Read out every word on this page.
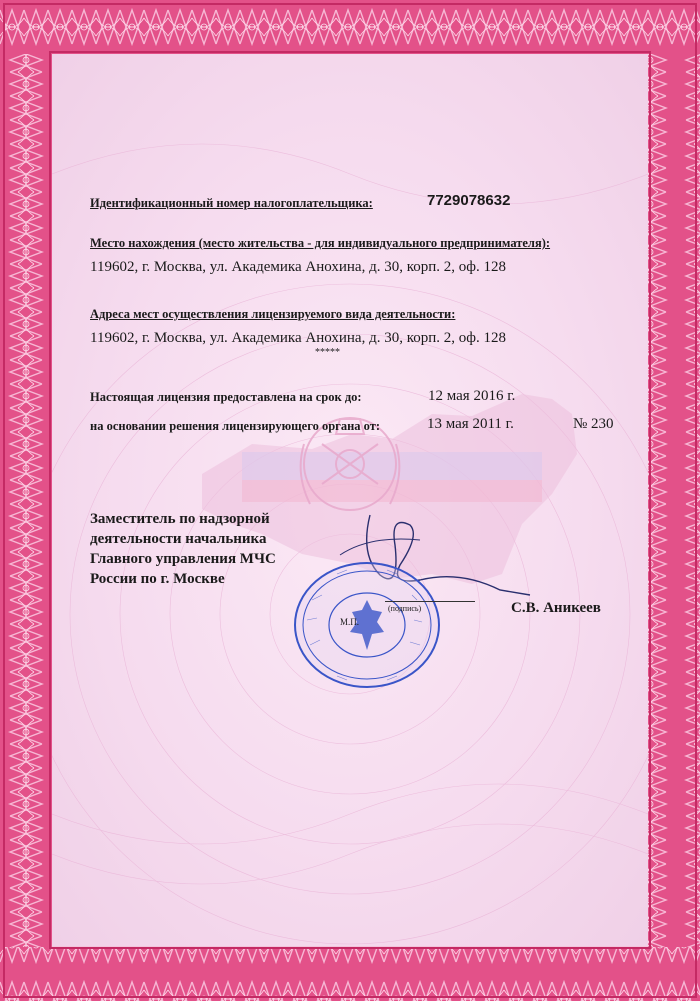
Идентификационный номер налогоплательщика:	7729078632
Место нахождения (место жительства - для индивидуального предпринимателя):
119602, г. Москва, ул. Академика Анохина, д. 30, корп. 2, оф. 128
Адреса мест осуществления лицензируемого вида деятельности:
119602, г. Москва, ул. Академика Анохина, д. 30, корп. 2, оф. 128
*****
Настоящая лицензия предоставлена на срок до:	12 мая 2016 г.
на основании решения лицензирующего органа от:	13 мая 2011 г.	№ 230
Заместитель по надзорной деятельности начальника Главного управления МЧС России по г. Москве
М.П.
(подпись)	С.В. Аникеев
